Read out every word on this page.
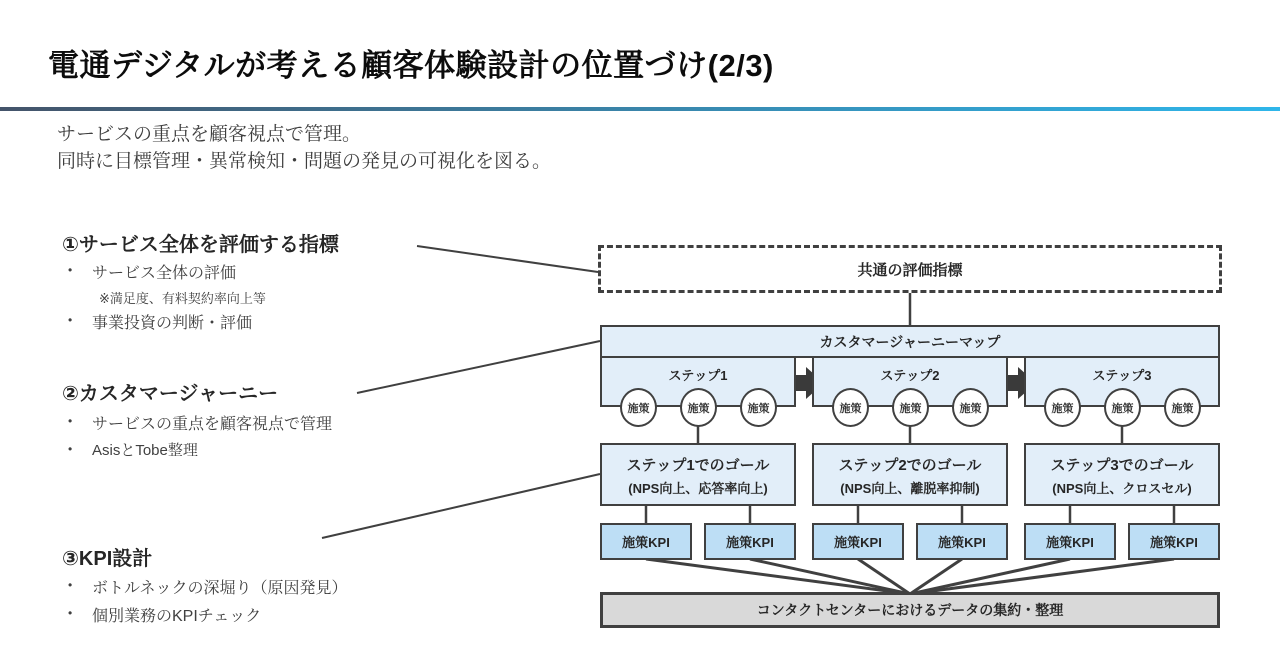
電通デジタルが考える顧客体験設計の位置づけ(2/3)
サービスの重点を顧客視点で管理。
同時に目標管理・異常検知・問題の発見の可視化を図る。
①サービス全体を評価する指標
•	サービス全体の評価
※満足度、有料契約率向上等
•	事業投資の判断・評価
②カスタマージャーニー
•	サービスの重点を顧客視点で管理
•	AsisとTobe整理
③KPI設計
•	ボトルネックの深堀り（原因発見）
•	個別業務のKPIチェック
共通の評価指標
カスタマージャーニーマップ
ステップ1	ステップ2	ステップ3
施策	施策	施策	施策	施策	施策	施策	施策	施策
ステップ1でのゴール
(NPS向上、応答率向上)
ステップ2でのゴール
(NPS向上、離脱率抑制)
ステップ3でのゴール
(NPS向上、クロスセル)
施策KPI	施策KPI	施策KPI	施策KPI	施策KPI	施策KPI
コンタクトセンターにおけるデータの集約・整理
